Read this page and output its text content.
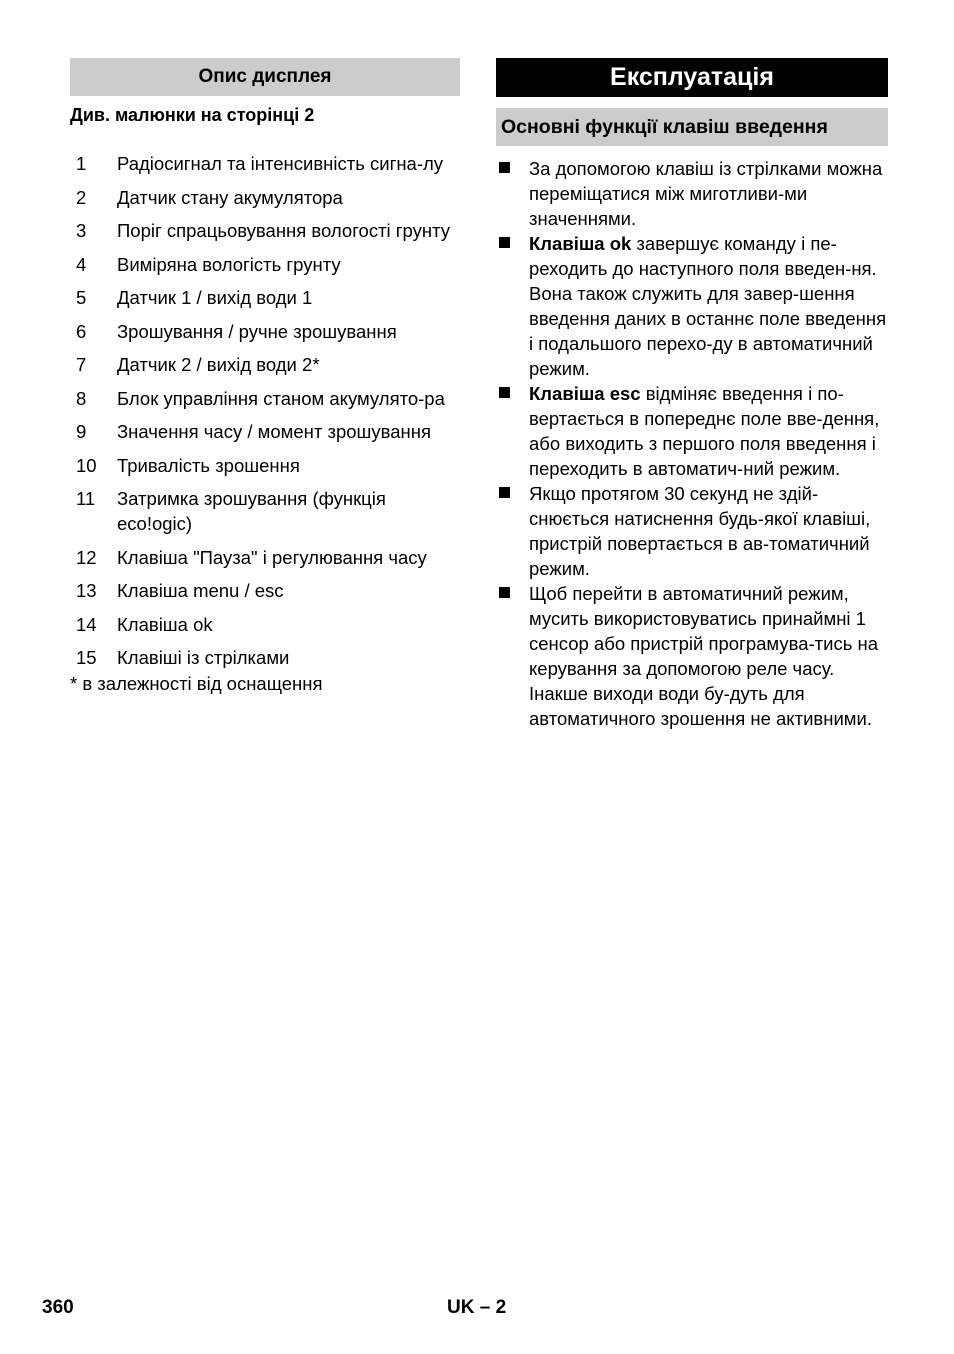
Опис дисплея
Див. малюнки на сторінці 2
1	Радіосигнал та інтенсивність сигна-лу
2	Датчик стану акумулятора
3	Поріг спрацьовування вологості грунту
4	Виміряна вологість грунту
5	Датчик 1 / вихід води 1
6	Зрошування / ручне зрошування
7	Датчик 2 / вихід води 2*
8	Блок управління станом акумулято-ра
9	Значення часу / момент зрошування
10	Тривалість зрошення
11	Затримка зрошування (функція eco!ogic)
12	Клавіша "Пауза" і регулювання часу
13	Клавіша menu / esc
14	Клавіша ok
15	Клавіші із стрілками
* в залежності від оснащення
Експлуатація
Основні функції клавіш введення
За допомогою клавіш із стрілками можна переміщатися між миготливи-ми значеннями.
Клавіша ok завершує команду і пе-реходить до наступного поля введен-ня. Вона також служить для завер-шення введення даних в останнє поле введення і подальшого перехо-ду в автоматичний режим.
Клавіша esc відміняє введення і по-вертається в попереднє поле вве-дення, або виходить з першого поля введення і переходить в автоматич-ний режим.
Якщо протягом 30 секунд не здій-снюється натиснення будь-якої клавіші, пристрій повертається в ав-томатичний режим.
Щоб перейти в автоматичний режим, мусить використовуватись принаймні 1 сенсор або пристрій програмува-тись на керування за допомогою реле часу. Інакше виходи води бу-дуть для автоматичного зрошення не активними.
360	UK – 2
